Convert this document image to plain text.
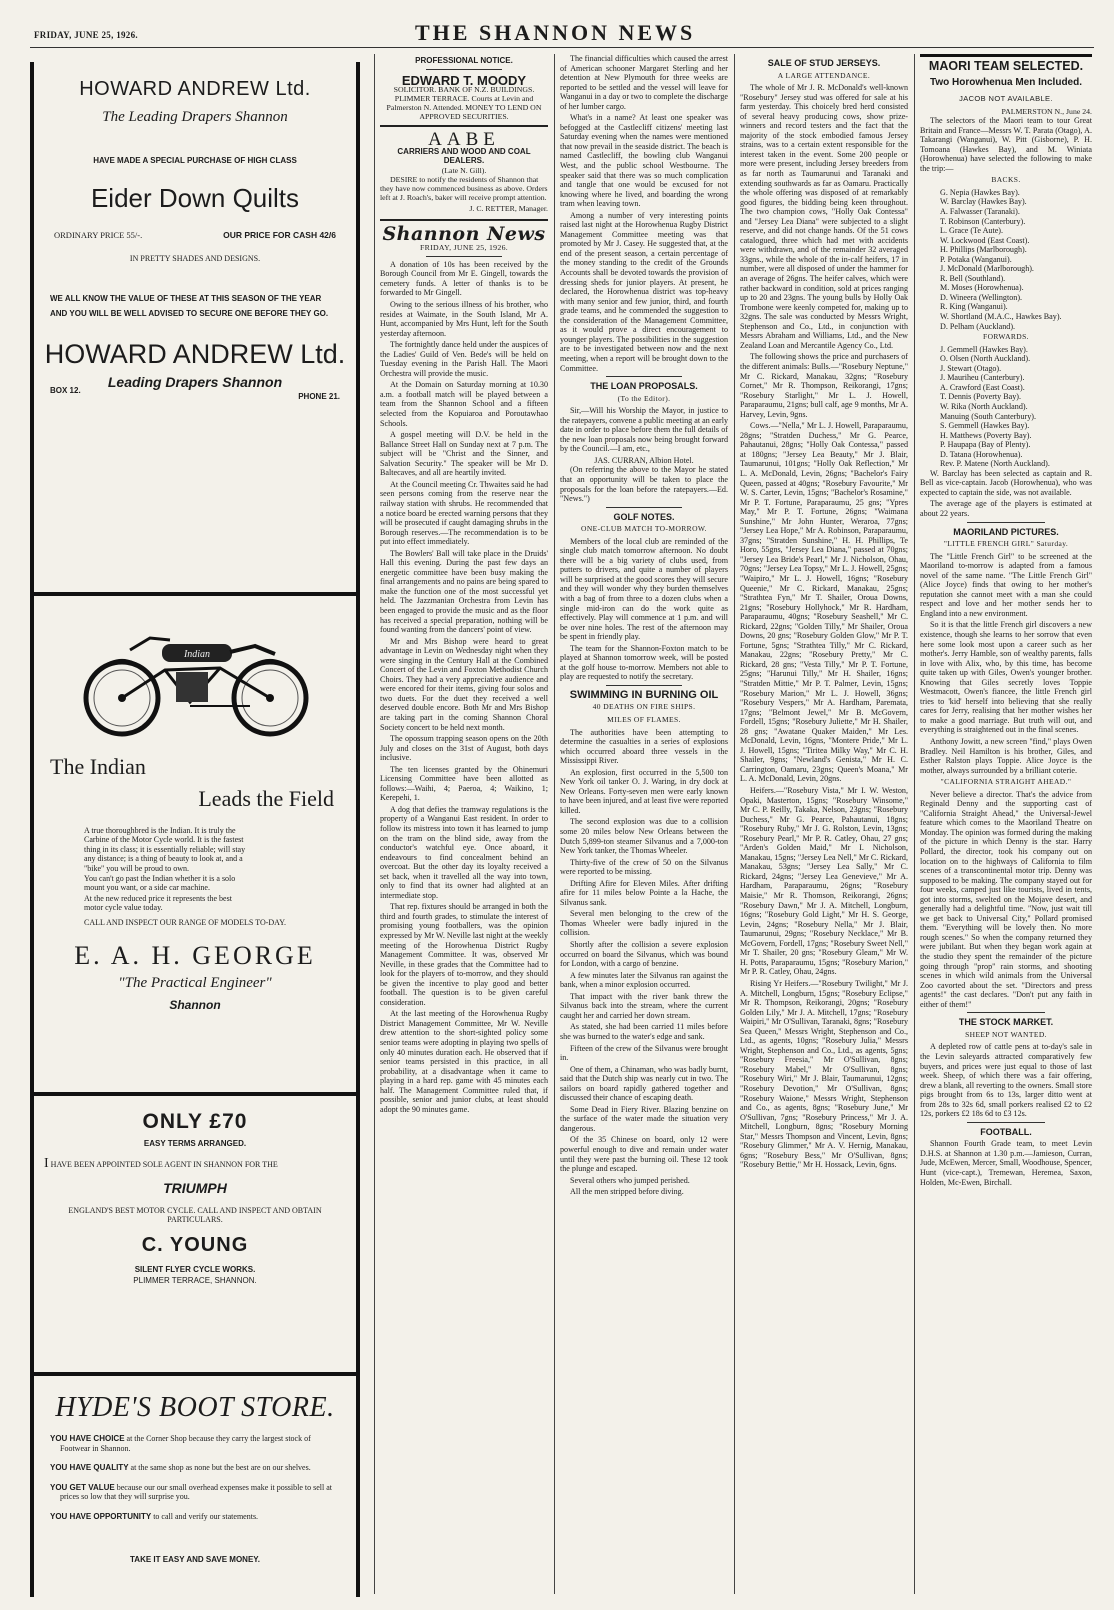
FRIDAY, JUNE 25, 1926.	THE SHANNON NEWS
HOWARD ANDREW Ltd.
The Leading Drapers Shannon
HAVE MADE A SPECIAL PURCHASE OF HIGH CLASS
Eider Down Quilts
ORDINARY PRICE 55/-.	OUR PRICE FOR CASH 42/6
IN PRETTY SHADES AND DESIGNS.
WE ALL KNOW THE VALUE OF THESE AT THIS SEASON OF THE YEAR AND YOU WILL BE WELL ADVISED TO SECURE ONE BEFORE THEY GO.
HOWARD ANDREW Ltd.
Leading Drapers Shannon
BOX 12.
PHONE 21.
Indian
The Indian
Leads the Field

A true thoroughbred is the Indian. It is truly the Carbine of the Motor Cycle world. It is the fastest thing in its class; it is essentially reliable; will stay any distance; is a thing of beauty to look at, and a "bike" you will be proud to own.

You can't go past the Indian whether it is a solo mount you want, or a side car machine.

At the new reduced price it represents the best motor cycle value today.

CALL AND INSPECT OUR RANGE OF MODELS TO-DAY.
E. A. H. GEORGE
"The Practical Engineer"
Shannon
ONLY £70
EASY TERMS ARRANGED.
I HAVE BEEN APPOINTED SOLE AGENT IN SHANNON FOR THE
TRIUMPH
ENGLAND'S BEST MOTOR CYCLE. CALL AND INSPECT AND OBTAIN PARTICULARS.
C. YOUNG
SILENT FLYER CYCLE WORKS.
PLIMMER TERRACE, SHANNON.
HYDE'S BOOT STORE.
YOU HAVE CHOICE at the Corner Shop because they carry the largest stock of Footwear in Shannon.
YOU HAVE QUALITY at the same shop as none but the best are on our shelves.
YOU GET VALUE because our our small overhead expenses make it possible to sell at prices so low that they will surprise you.
YOU HAVE OPPORTUNITY to call and verify our statements.
TAKE IT EASY AND SAVE MONEY.
PROFESSIONAL NOTICE.
EDWARD T. MOODY
SOLICITOR. BANK OF N.Z. BUILDINGS. PLIMMER TERRACE. Courts at Levin and Palmerston N. Attended. MONEY TO LEND ON APPROVED SECURITIES.
AABE
CARRIERS AND WOOD AND COAL DEALERS.
(Late N. Gill).

DESIRE to notify the residents of Shannon that they have now commenced business as above. Orders left at J. Roach's, baker will receive prompt attention.

J. C. RETTER, Manager.
Shannon News
FRIDAY, JUNE 25, 1926.

A donation of 10s has been received by the Borough Council from Mr E. Gingell, towards the cemetery funds. A letter of thanks is to be forwarded to Mr Gingell.

Owing to the serious illness of his brother, who resides at Waimate, in the South Island, Mr A. Hunt, accompanied by Mrs Hunt, left for the South yesterday afternoon.

The fortnightly dance held under the auspices of the Ladies' Guild of Ven. Bede's will be held on Tuesday evening in the Parish Hall. The Maori Orchestra will provide the music.

At the Domain on Saturday morning at 10.30 a.m. a football match will be played between a team from the Shannon School and a fifteen selected from the Kopuiaroa and Poroutawhao Schools.

A gospel meeting will D.V. be held in the Ballance Street Hall on Sunday next at 7 p.m. The subject will be "Christ and the Sinner, and Salvation Security." The speaker will be Mr D. Baltecaves, and all are heartily invited.

At the Council meeting Cr. Thwaites said he had seen persons coming from the reserve near the railway station with shrubs. He recommended that a notice board be erected warning persons that they will be prosecuted if caught damaging shrubs in the Borough reserves.—The recommendation is to be put into effect immediately.

The Bowlers' Ball will take place in the Druids' Hall this evening. During the past few days an energetic committee have been busy making the final arrangements and no pains are being spared to make the function one of the most successful yet held. The Jazzmanian Orchestra from Levin has been engaged to provide the music and as the floor has received a special preparation, nothing will be found wanting from the dancers' point of view.

Mr and Mrs Bishop were heard to great advantage in Levin on Wednesday night when they were singing in the Century Hall at the Combined Concert of the Levin and Foxton Methodist Church Choirs. They had a very appreciative audience and were encored for their items, giving four solos and two duets. For the duet they received a well deserved double encore. Both Mr and Mrs Bishop are taking part in the coming Shannon Choral Society concert to be held next month.

The opossum trapping season opens on the 20th July and closes on the 31st of August, both days inclusive.

The ten licenses granted by the Ohinemuri Licensing Committee have been allotted as follows:—Waihi, 4; Paeroa, 4; Waikino, 1; Kerepehi, 1.

A dog that defies the tramway regulations is the property of a Wanganui East resident. In order to follow its mistress into town it has learned to jump on the tram on the blind side, away from the conductor's watchful eye. Once aboard, it endeavours to find concealment behind an overcoat. But the other day its loyalty received a set back, when it travelled all the way into town, only to find that its owner had alighted at an intermediate stop.

That rep. fixtures should be arranged in both the third and fourth grades, to stimulate the interest of promising young footballers, was the opinion expressed by Mr W. Neville last night at the weekly meeting of the Horowhenua District Rugby Management Committee. It was, observed Mr Neville, in these grades that the Committee had to look for the players of to-morrow, and they should be given the incentive to play good and better football. The question is to be given careful consideration.

At the last meeting of the Horowhenua Rugby District Management Committee, Mr W. Neville drew attention to the short-sighted policy some senior teams were adopting in playing two spells of only 40 minutes duration each. He observed that if senior teams persisted in this practice, in all probability, at a disadvantage when it came to playing in a hard rep. game with 45 minutes each half. The Management Committee ruled that, if possible, senior and junior clubs, at least should adopt the 90 minutes game.

The financial difficulties which caused the arrest of American schooner Margaret Sterling and her detention at New Plymouth for three weeks are reported to be settled and the vessel will leave for Wanganui in a day or two to complete the discharge of her lumber cargo.

What's in a name? At least one speaker was befogged at the Castlecliff citizens' meeting last Saturday evening when the names were mentioned that now prevail in the seaside district. The beach is named Castlecliff, the bowling club Wanganui West, and the public school Westbourne. The speaker said that there was so much complication and tangle that one would be excused for not knowing where he lived, and boarding the wrong tram when leaving town.

Among a number of very interesting points raised last night at the Horowhenua Rugby District Management Committee meeting was that promoted by Mr J. Casey. He suggested that, at the end of the present season, a certain percentage of the money standing to the credit of the Grounds Accounts shall be devoted towards the provision of dressing sheds for junior players. At present, he declared, the Horowhenua district was top-heavy with many senior and few junior, third, and fourth grade teams, and he commended the suggestion to the consideration of the Management Committee, as it would prove a direct encouragement to younger players. The possibilities in the suggestion are to be investigated between now and the next meeting, when a report will be brought down to the Committee.

THE LOAN PROPOSALS.
(To the Editor).

Sir,—Will his Worship the Mayor, in justice to the ratepayers, convene a public meeting at an early date in order to place before them the full details of the new loan proposals now being brought forward by the Council.—I am, etc.,

JAS. CURRAN, Albion Hotel.

(On referring the above to the Mayor he stated that an opportunity will be taken to place the proposals for the loan before the ratepayers.—Ed. "News.")

GOLF NOTES.
ONE-CLUB MATCH TO-MORROW.

Members of the local club are reminded of the single club match tomorrow afternoon. No doubt there will be a big variety of clubs used, from putters to drivers, and quite a number of players will be surprised at the good scores they will secure and they will wonder why they burden themselves with a bag of from three to a dozen clubs when a single mid-iron can do the work quite as effectively. Play will commence at 1 p.m. and will be over nine holes. The rest of the afternoon may be spent in friendly play.

The team for the Shannon-Foxton match to be played at Shannon tomorrow week, will be posted at the golf house to-morrow. Members not able to play are requested to notify the secretary.

SWIMMING IN BURNING OIL
40 DEATHS ON FIRE SHIPS.
MILES OF FLAMES.

The authorities have been attempting to determine the casualties in a series of explosions which occurred aboard three vessels in the Mississippi River.

An explosion, first occurred in the 5,500 ton New York oil tanker O. J. Waring, in dry dock at New Orleans. Forty-seven men were early known to have been injured, and at least five were reported killed.

The second explosion was due to a collision some 20 miles below New Orleans between the Dutch 5,899-ton steamer Silvanus and a 7,000-ton New York tanker, the Thomas Wheeler.

Thirty-five of the crew of 50 on the Silvanus were reported to be missing.

Drifting Afire for Eleven Miles. After drifting afire for 11 miles below Pointe a la Hache, the Silvanus sank.

Several men belonging to the crew of the Thomas Wheeler were badly injured in the collision.

Shortly after the collision a severe explosion occurred on board the Silvanus, which was bound for London, with a cargo of benzine.

A few minutes later the Silvanus ran against the bank, when a minor explosion occurred.

That impact with the river bank threw the Silvanus back into the stream, where the current caught her and carried her down stream.

As stated, she had been carried 11 miles before she was burned to the water's edge and sank.

Fifteen of the crew of the Silvanus were brought in.

One of them, a Chinaman, who was badly burnt, said that the Dutch ship was nearly cut in two. The sailors on board rapidly gathered together and discussed their chance of escaping death.

Some Dead in Fiery River. Blazing benzine on the surface of the water made the situation very dangerous.

Of the 35 Chinese on board, only 12 were powerful enough to dive and remain under water until they were past the burning oil. These 12 took the plunge and escaped.

Several others who jumped perished.

All the men stripped before diving.

SALE OF STUD JERSEYS.
A LARGE ATTENDANCE.

The whole of Mr J. R. McDonald's well-known "Rosebury" Jersey stud was offered for sale at his farm yesterday. This choicely bred herd consisted of several heavy producing cows, show prize-winners and record testers and the fact that the majority of the stock embodied famous Jersey strains, was to a certain extent responsible for the interest taken in the event. Some 200 people or more were present, including Jersey breeders from as far north as Taumarunui and Taranaki and extending southwards as far as Oamaru. Practically the whole offering was disposed of at remarkably good figures, the bidding being keen throughout. The two champion cows, "Holly Oak Contessa" and "Jersey Lea Diana" were subjected to a slight reserve, and did not change hands. Of the 51 cows catalogued, three which had met with accidents were withdrawn, and of the remainder 32 averaged 33gns., while the whole of the in-calf heifers, 17 in number, were all disposed of under the hammer for an average of 26gns. The heifer calves, which were rather backward in condition, sold at prices ranging up to 20 and 23gns. The young bulls by Holly Oak Trombone were keenly competed for, making up to 32gns. The sale was conducted by Messrs Wright, Stephenson and Co., Ltd., in conjunction with Messrs Abraham and Williams, Ltd., and the New Zealand Loan and Mercantile Agency Co., Ltd.

The following shows the price and purchasers of the different animals: Bulls.—"Rosebury Neptune," Mr C. Rickard, Manakau, 32gns; "Rosebury Cornet," Mr R. Thompson, Reikorangi, 17gns; "Rosebury Starlight," Mr L. J. Howell, Paraparaumu, 21gns; bull calf, age 9 months, Mr A. Harvey, Levin, 9gns.

Cows.—"Nella," Mr L. J. Howell, Paraparaumu, 28gns; "Stratden Duchess," Mr G. Pearce, Pahautanui, 28gns; "Holly Oak Contessa," passed at 180gns; "Jersey Lea Beauty," Mr J. Blair, Taumarunui, 101gns; "Holly Oak Reflection," Mr L. A. McDonald, Levin, 26gns; "Bachelor's Fairy Queen, passed at 40gns; "Rosebury Favourite," Mr W. S. Carter, Levin, 15gns; "Bachelor's Rosamine," Mr P. T. Fortune, Paraparaumu, 25 gns; "Ypres May," Mr P. T. Fortune, 26gns; "Waimana Sunshine," Mr John Hunter, Weraroa, 77gns; "Jersey Lea Hope," Mr A. Robinson, Paraparaumu, 37gns; "Stratden Sunshine," H. H. Phillips, Te Horo, 55gns, "Jersey Lea Diana," passed at 70gns; "Jersey Lea Bride's Pearl," Mr J. Nicholson, Ohau, 70gns; "Jersey Lea Topsy," Mr L. J. Howell, 25gns; "Waipiro," Mr L. J. Howell, 16gns; "Rosebury Queenie," Mr C. Rickard, Manakau, 25gns; "Strathtea Fyn," Mr T. Shailer, Oroua Downs, 21gns; "Rosebury Hollyhock," Mr R. Hardham, Paraparaumu, 40gns; "Rosebury Seashell," Mr C. Rickard, 22gns; "Golden Tilly," Mr Shailer, Oroua Downs, 20 gns; "Rosebury Golden Glow," Mr P. T. Fortune, 5gns; "Strathtea Tilly," Mr C. Rickard, Manakau, 22gns; "Rosebury Pretty," Mr C. Rickard, 28 gns; "Vesta Tilly," Mr P. T. Fortune, 25gns; "Harunui Tilly," Mr H. Shailer, 16gns; "Stratden Mittie," Mr P. T. Palmer, Levin, 15gns; "Rosebury Marion," Mr L. J. Howell, 36gns; "Rosebury Vespers," Mr A. Hardham, Paremata, 17gns; "Belmont Jewel," Mr B. McGovern, Fordell, 15gns; "Rosebury Juliette," Mr H. Shailer, 28 gns; "Awatane Quaker Maiden," Mr Les. McDonald, Levin, 16gns, "Montere Pride," Mr L. J. Howell, 15gns; "Tiritea Milky Way," Mr C. H. Shailer, 9gns; "Newland's Genista," Mr H. C. Carrington, Oamaru, 23gns; Queen's Moana," Mr L. A. McDonald, Levin, 20gns.

Heifers.—"Rosebury Vista," Mr I. W. Weston, Opaki, Masterton, 15gns; "Rosebury Winsome," Mr C. P. Reilly, Takaka, Nelson, 23gns; "Rosebury Duchess," Mr G. Pearce, Pahautanui, 18gns; "Rosebury Ruby," Mr J. G. Rolston, Levin, 13gns; "Rosebury Pearl," Mr P. R. Catley, Ohau, 27 gns; "Arden's Golden Maid," Mr I. Nicholson, Manakau, 15gns; "Jersey Lea Nell," Mr C. Rickard, Manakau, 53gns; "Jersey Lea Sally," Mr C. Rickard, 24gns; "Jersey Lea Genevieve," Mr A. Hardham, Paraparaumu, 26gns; "Rosebury Maisie," Mr R. Thomson, Reikorangi, 26gns; "Rosebury Dawn," Mr J. A. Mitchell, Longburn, 16gns; "Rosebury Gold Light," Mr H. S. George, Levin, 24gns; "Rosebury Nella," Mr J. Blair, Taumarunui, 29gns; "Rosebury Necklace," Mr B. McGovern, Fordell, 17gns; "Rosebury Sweet Nell," Mr T. Shailer, 20 gns; "Rosebury Gleam," Mr W. H. Potts, Paraparaumu, 15gns; "Rosebury Marion," Mr P. R. Catley, Ohau, 24gns.

Rising Yr Heifers.—"Rosebury Twilight," Mr J. A. Mitchell, Longburn, 15gns; "Rosebury Eclipse," Mr R. Thompson, Reikorangi, 20gns; "Rosebury Golden Lily," Mr J. A. Mitchell, 17gns; "Rosebury Waipiri," Mr O'Sullivan, Taranaki, 8gns; "Rosebury Sea Queen," Messrs Wright, Stephenson and Co., Ltd., as agents, 10gns; "Rosebury Julia," Messrs Wright, Stephenson and Co., Ltd., as agents, 5gns; "Rosebury Freesia," Mr O'Sullivan, 8gns; "Rosebury Mabel," Mr O'Sullivan, 8gns; "Rosebury Wiri," Mr J. Blair, Taumarunui, 12gns; "Rosebury Devotion," Mr O'Sullivan, 8gns; "Rosebury Waione," Messrs Wright, Stephenson and Co., as agents, 8gns; "Rosebury June," Mr O'Sullivan, 7gns; "Rosebury Princess," Mr J. A. Mitchell, Longburn, 8gns; "Rosebury Morning Star," Messrs Thompson and Vincent, Levin, 8gns; "Rosebury Glimmer," Mr A. V. Hernig, Manakau, 6gns; "Rosebury Bess," Mr O'Sullivan, 8gns; "Rosebury Bettie," Mr H. Hossack, Levin, 6gns.

MAORI TEAM SELECTED.
Two Horowhenua Men Included.
JACOB NOT AVAILABLE.
PALMERSTON N., June 24.

The selectors of the Maori team to tour Great Britain and France—Messrs W. T. Parata (Otago), A. Takarangi (Wanganui), W. Pitt (Gisborne), P. H. Tomoana (Hawkes Bay), and M. Winiata (Horowhenua) have selected the following to make the trip:—

BACKS.
G. Nepia (Hawkes Bay).
W. Barclay (Hawkes Bay).
A. Falwasser (Taranaki).
T. Robinson (Canterbury).
L. Grace (Te Aute).
W. Lockwood (East Coast).
H. Phillips (Marlborough).
P. Potaka (Wanganui).
J. McDonald (Marlborough).
R. Bell (Southland).
M. Moses (Horowhenua).
D. Wineera (Wellington).
R. King (Wanganui).
W. Shortland (M.A.C., Hawkes Bay).
D. Pelham (Auckland).
FORWARDS.
J. Gemmell (Hawkes Bay).
O. Olsen (North Auckland).
J. Stewart (Otago).
J. Mauriheu (Canterbury).
A. Crawford (East Coast).
T. Dennis (Poverty Bay).
W. Rika (North Auckland).
Manuing (South Canterbury).
S. Gemmell (Hawkes Bay).
H. Matthews (Poverty Bay).
P. Haupapa (Bay of Plenty).
D. Tatana (Horowhenua).
Rev. P. Matene (North Auckland).

W. Barclay has been selected as captain and R. Bell as vice-captain. Jacob (Horowhenua), who was expected to captain the side, was not available.

The average age of the players is estimated at about 22 years.

MAORILAND PICTURES.
"LITTLE FRENCH GIRL" Saturday.

The "Little French Girl" to be screened at the Maoriland to-morrow is adapted from a famous novel of the same name. "The Little French Girl" (Alice Joyce) finds that owing to her mother's reputation she cannot meet with a man she could respect and love and her mother sends her to England into a new environment.

So it is that the little French girl discovers a new existence, though she learns to her sorrow that even here some look most upon a career such as her mother's. Jerry Hamble, son of wealthy parents, falls in love with Alix, who, by this time, has become quite taken up with Giles, Owen's younger brother. Knowing that Giles secretly loves Toppie Westmacott, Owen's fiancee, the little French girl tries to 'kid' herself into believing that she really cares for Jerry, realising that her mother wishes her to make a good marriage. But truth will out, and everything is straightened out in the final scenes.

Anthony Jowitt, a new screen "find," plays Owen Bradley. Neil Hamilton is his brother, Giles, and Esther Ralston plays Toppie. Alice Joyce is the mother, always surrounded by a brilliant coterie.

"CALIFORNIA STRAIGHT AHEAD."

Never believe a director. That's the advice from Reginald Denny and the supporting cast of "California Straight Ahead," the Universal-Jewel feature which comes to the Maoriland Theatre on Monday. The opinion was formed during the making of the picture in which Denny is the star. Harry Pollard, the director, took his company out on location on to the highways of California to film scenes of a transcontinental motor trip. Denny was supposed to be making. The company stayed out for four weeks, camped just like tourists, lived in tents, got into storms, swelted on the Mojave desert, and generally had a delightful time. "Now, just wait till we get back to Universal City," Pollard promised them. "Everything will be lovely then. No more rough scenes." So when the company returned they were jubilant. But when they began work again at the studio they spent the remainder of the picture going through "prop" rain storms, and shooting scenes in which wild animals from the Universal Zoo cavorted about the set. "Directors and press agents!" the cast declares. "Don't put any faith in either of them!"

THE STOCK MARKET.
SHEEP NOT WANTED.

A depleted row of cattle pens at to-day's sale in the Levin saleyards attracted comparatively few buyers, and prices were just equal to those of last week. Sheep, of which there was a fair offering, drew a blank, all reverting to the owners. Small store pigs brought from 6s to 13s, larger ditto went at from 28s to 32s 6d, small porkers realised £2 to £2 12s, porkers £2 18s 6d to £3 12s.

FOOTBALL.

Shannon Fourth Grade team, to meet Levin D.H.S. at Shannon at 1.30 p.m.—Jamieson, Curran, Jude, McEwen, Mercer, Small, Woodhouse, Spencer, Hunt (vice-capt.), Tremewan, Heremea, Saxon, Holden, Mc-Ewen, Birchall.
